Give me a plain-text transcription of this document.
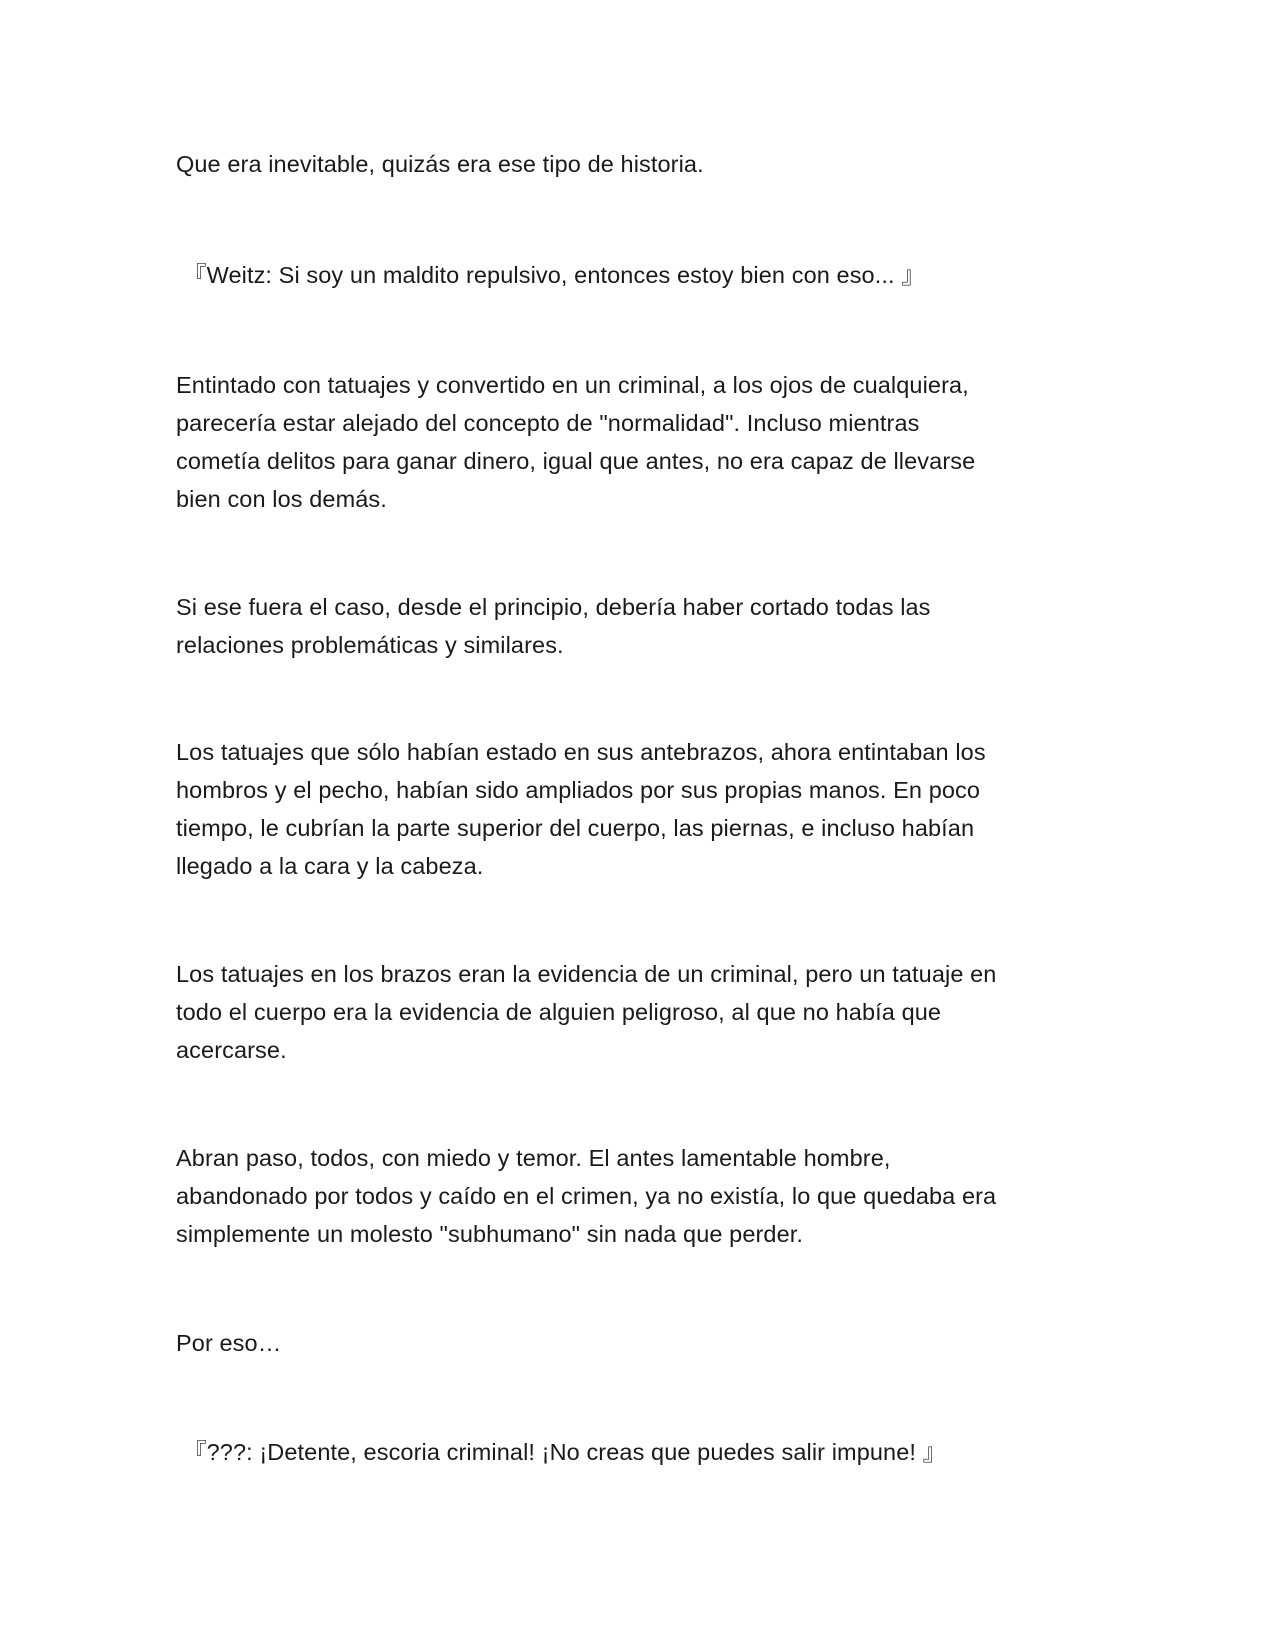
Que era inevitable, quizás era ese tipo de historia.

『Weitz: Si soy un maldito repulsivo, entonces estoy bien con eso... 』

Entintado con tatuajes y convertido en un criminal, a los ojos de cualquiera,
parecería estar alejado del concepto de "normalidad". Incluso mientras
cometía delitos para ganar dinero, igual que antes, no era capaz de llevarse
bien con los demás.

Si ese fuera el caso, desde el principio, debería haber cortado todas las
relaciones problemáticas y similares.

Los tatuajes que sólo habían estado en sus antebrazos, ahora entintaban los
hombros y el pecho, habían sido ampliados por sus propias manos. En poco
tiempo, le cubrían la parte superior del cuerpo, las piernas, e incluso habían
llegado a la cara y la cabeza.

Los tatuajes en los brazos eran la evidencia de un criminal, pero un tatuaje en
todo el cuerpo era la evidencia de alguien peligroso, al que no había que
acercarse.

Abran paso, todos, con miedo y temor. El antes lamentable hombre,
abandonado por todos y caído en el crimen, ya no existía, lo que quedaba era
simplemente un molesto "subhumano" sin nada que perder.

Por eso…

『???: ¡Detente, escoria criminal! ¡No creas que puedes salir impune! 』
